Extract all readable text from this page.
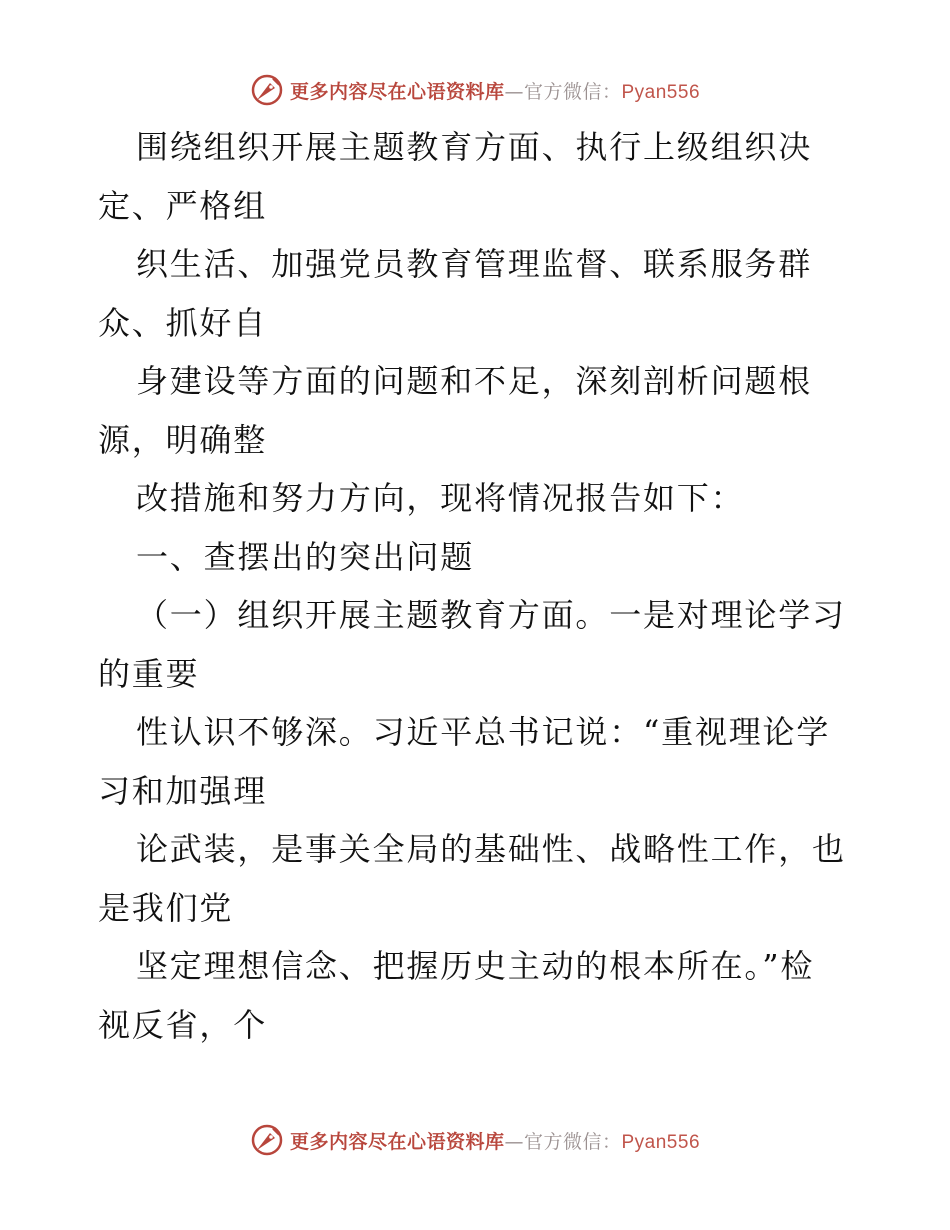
更多内容尽在心语资料库—官方微信：Pyan556
围绕组织开展主题教育方面、执行上级组织决
定、严格组
织生活、加强党员教育管理监督、联系服务群
众、抓好自
身建设等方面的问题和不足，深刻剖析问题根
源，明确整
改措施和努力方向，现将情况报告如下：
一、查摆出的突出问题
（一）组织开展主题教育方面。一是对理论学习
的重要
性认识不够深。习近平总书记说：“重视理论学
习和加强理
论武装，是事关全局的基础性、战略性工作，也
是我们党
坚定理想信念、把握历史主动的根本所在。”检
视反省，个
更多内容尽在心语资料库—官方微信：Pyan556
